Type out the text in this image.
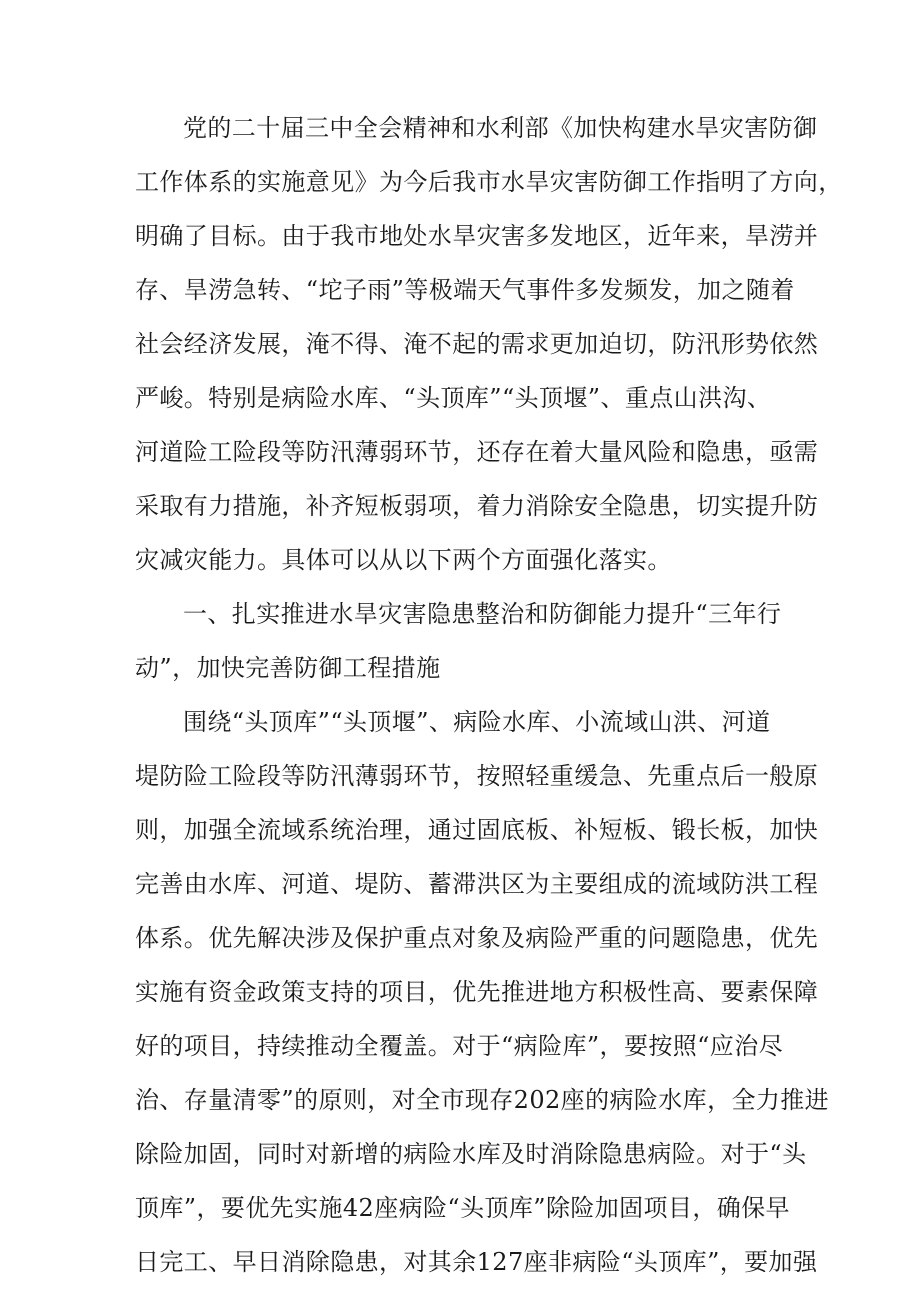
党的二十届三中全会精神和水利部《加快构建水旱灾害防御
工作体系的实施意见》为今后我市水旱灾害防御工作指明了方向，
明确了目标。由于我市地处水旱灾害多发地区，近年来，旱涝并
存、旱涝急转、“坨子雨”等极端天气事件多发频发，加之随着
社会经济发展，淹不得、淹不起的需求更加迫切，防汛形势依然
严峻。特别是病险水库、“头顶库”“头顶堰”、重点山洪沟、
河道险工险段等防汛薄弱环节，还存在着大量风险和隐患，亟需
采取有力措施，补齐短板弱项，着力消除安全隐患，切实提升防
灾减灾能力。具体可以从以下两个方面强化落实。
一、扎实推进水旱灾害隐患整治和防御能力提升“三年行
动”，加快完善防御工程措施
围绕“头顶库”“头顶堰”、病险水库、小流域山洪、河道
堤防险工险段等防汛薄弱环节，按照轻重缓急、先重点后一般原
则，加强全流域系统治理，通过固底板、补短板、锻长板，加快
完善由水库、河道、堤防、蓄滞洪区为主要组成的流域防洪工程
体系。优先解决涉及保护重点对象及病险严重的问题隐患，优先
实施有资金政策支持的项目，优先推进地方积极性高、要素保障
好的项目，持续推动全覆盖。对于“病险库”，要按照“应治尽
治、存量清零”的原则，对全市现存202座的病险水库，全力推进
除险加固，同时对新增的病险水库及时消除隐患病险。对于“头
顶库”，要优先实施42座病险“头顶库”除险加固项目，确保早
日完工、早日消除隐患，对其余127座非病险“头顶库”，要加强
